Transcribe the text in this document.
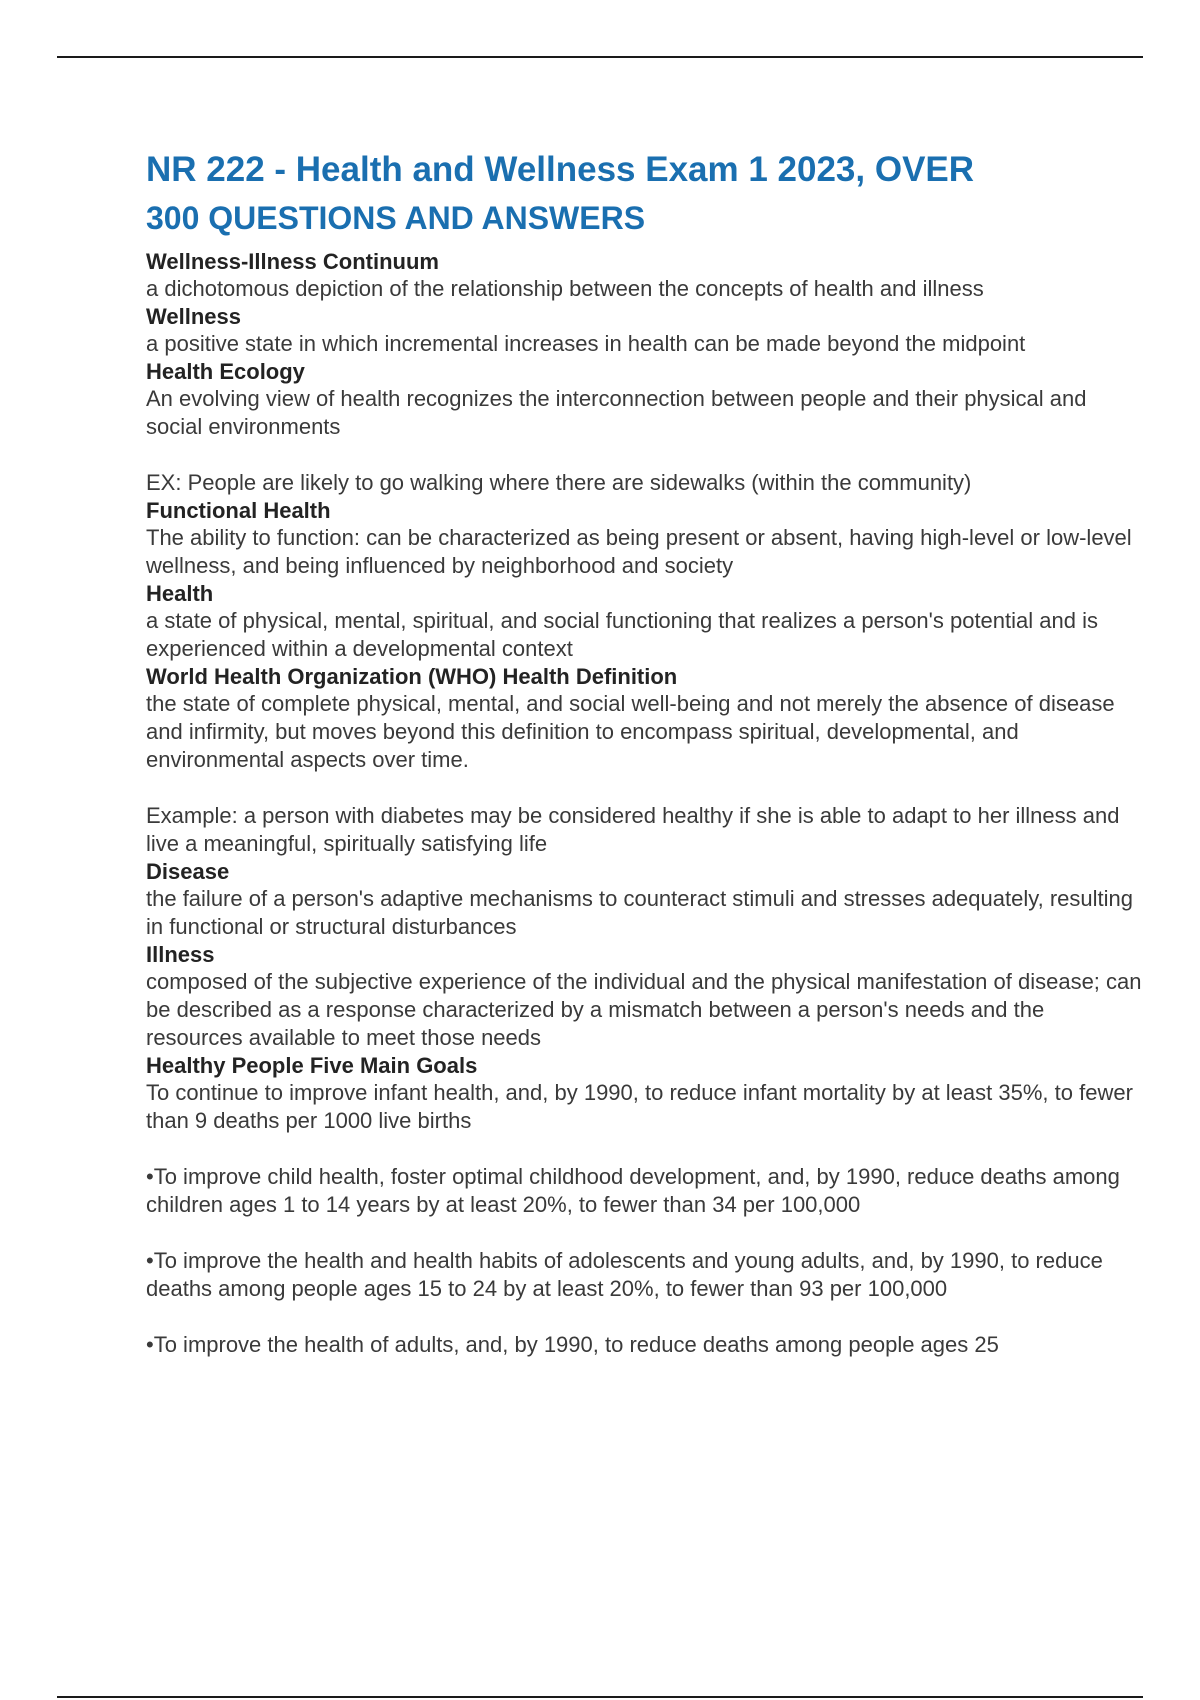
NR 222 - Health and Wellness Exam 1 2023, OVER
300 QUESTIONS AND ANSWERS
Wellness-Illness Continuum
a dichotomous depiction of the relationship between the concepts of health and illness
Wellness
a positive state in which incremental increases in health can be made beyond the midpoint
Health Ecology
An evolving view of health recognizes the interconnection between people and their physical and social environments
EX: People are likely to go walking where there are sidewalks (within the community)
Functional Health
The ability to function: can be characterized as being present or absent, having high-level or low-level wellness, and being influenced by neighborhood and society
Health
a state of physical, mental, spiritual, and social functioning that realizes a person's potential and is experienced within a developmental context
World Health Organization (WHO) Health Definition
the state of complete physical, mental, and social well-being and not merely the absence of disease and infirmity, but moves beyond this definition to encompass spiritual, developmental, and environmental aspects over time.
Example: a person with diabetes may be considered healthy if she is able to adapt to her illness and live a meaningful, spiritually satisfying life
Disease
the failure of a person's adaptive mechanisms to counteract stimuli and stresses adequately, resulting in functional or structural disturbances
Illness
composed of the subjective experience of the individual and the physical manifestation of disease; can be described as a response characterized by a mismatch between a person's needs and the resources available to meet those needs
Healthy People Five Main Goals
To continue to improve infant health, and, by 1990, to reduce infant mortality by at least 35%, to fewer than 9 deaths per 1000 live births
•To improve child health, foster optimal childhood development, and, by 1990, reduce deaths among children ages 1 to 14 years by at least 20%, to fewer than 34 per 100,000
•To improve the health and health habits of adolescents and young adults, and, by 1990, to reduce deaths among people ages 15 to 24 by at least 20%, to fewer than 93 per 100,000
•To improve the health of adults, and, by 1990, to reduce deaths among people ages 25
